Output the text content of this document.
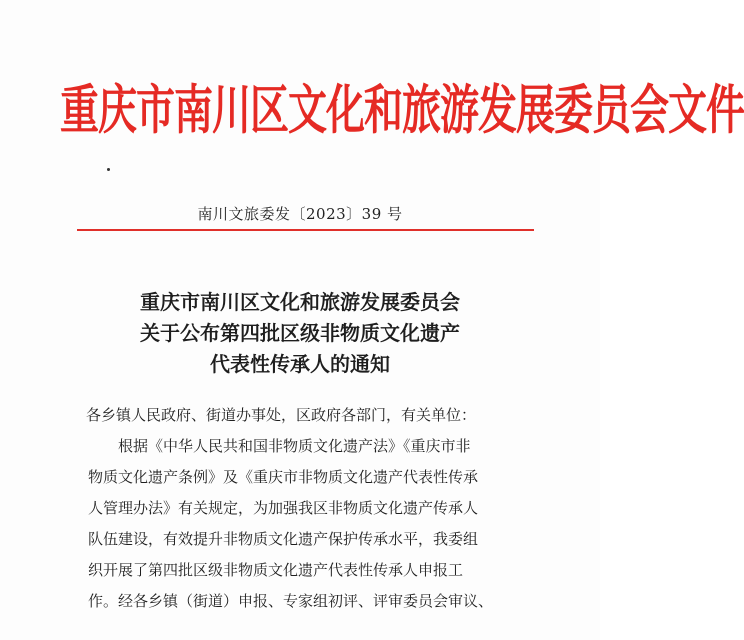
重庆市南川区文化和旅游发展委员会文件
南川文旅委发〔2023〕39 号
重庆市南川区文化和旅游发展委员会
关于公布第四批区级非物质文化遗产
代表性传承人的通知

各乡镇人民政府、街道办事处，区政府各部门，有关单位：

根据《中华人民共和国非物质文化遗产法》《重庆市非

物质文化遗产条例》及《重庆市非物质文化遗产代表性传承

人管理办法》有关规定，为加强我区非物质文化遗产传承人

队伍建设，有效提升非物质文化遗产保护传承水平，我委组

织开展了第四批区级非物质文化遗产代表性传承人申报工

作。经各乡镇（街道）申报、专家组初评、评审委员会审议、
